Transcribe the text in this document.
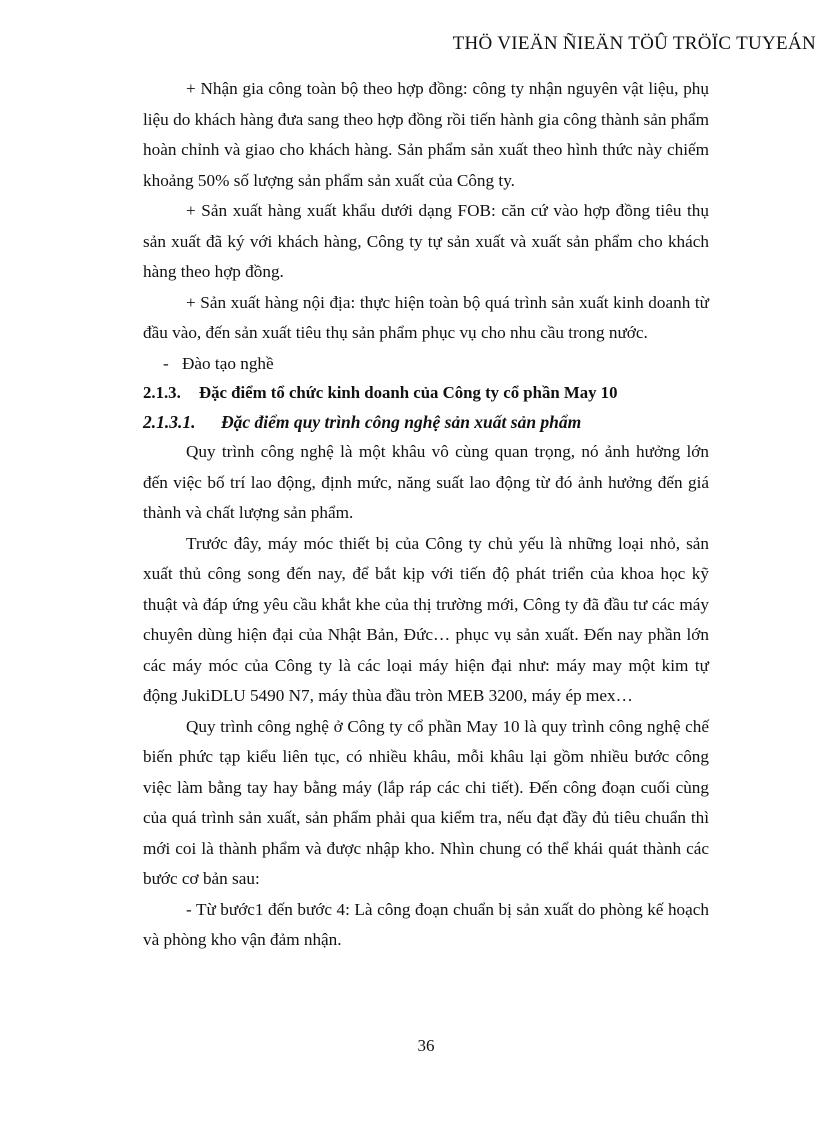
THÖ VIEÄN ÑIEÄN TÖÛ TRÖÏC TUYEÁN

+ Nhận gia công toàn bộ theo hợp đồng: công ty nhận nguyên vật liệu, phụ liệu do khách hàng đưa sang theo hợp đồng rồi tiến hành gia công thành sản phẩm hoàn chỉnh và giao cho khách hàng. Sản phẩm sản xuất theo hình thức này chiếm khoảng 50% số lượng sản phẩm sản xuất của Công ty.

+ Sản xuất hàng xuất khẩu dưới dạng FOB: căn cứ vào hợp đồng tiêu thụ sản xuất đã ký với khách hàng, Công ty tự sản xuất và xuất sản phẩm cho khách hàng theo hợp đồng.

+ Sản xuất hàng nội địa: thực hiện toàn bộ quá trình sản xuất kinh doanh từ đầu vào, đến sản xuất tiêu thụ sản phẩm phục vụ cho nhu cầu trong nước.

- Đào tạo nghề

2.1.3. Đặc điểm tổ chức kinh doanh của Công ty cổ phần May 10

2.1.3.1. Đặc điểm quy trình công nghệ sản xuất sản phẩm

Quy trình công nghệ là một khâu vô cùng quan trọng, nó ảnh hưởng lớn đến việc bố trí lao động, định mức, năng suất lao động từ đó ảnh hưởng đến giá thành và chất lượng sản phẩm.

Trước đây, máy móc thiết bị của Công ty chủ yếu là những loại nhỏ, sản xuất thủ công song đến nay, để bắt kịp với tiến độ phát triển của khoa học kỹ thuật và đáp ứng yêu cầu khắt khe của thị trường mới, Công ty đã đầu tư các máy chuyên dùng hiện đại của Nhật Bản, Đức… phục vụ sản xuất. Đến nay phần lớn các máy móc của Công ty là các loại máy hiện đại như: máy may một kim tự động JukiDLU 5490 N7, máy thùa đầu tròn MEB 3200, máy ép mex…

Quy trình công nghệ ở Công ty cổ phần May 10 là quy trình công nghệ chế biến phức tạp kiểu liên tục, có nhiều khâu, mỗi khâu lại gồm nhiều bước công việc làm bằng tay hay bằng máy (lắp ráp các chi tiết). Đến công đoạn cuối cùng của quá trình sản xuất, sản phẩm phải qua kiểm tra, nếu đạt đầy đủ tiêu chuẩn thì mới coi là thành phẩm và được nhập kho. Nhìn chung có thể khái quát thành các bước cơ bản sau:

- Từ bước1 đến bước 4: Là công đoạn chuẩn bị sản xuất do phòng kế hoạch và phòng kho vận đảm nhận.

36
